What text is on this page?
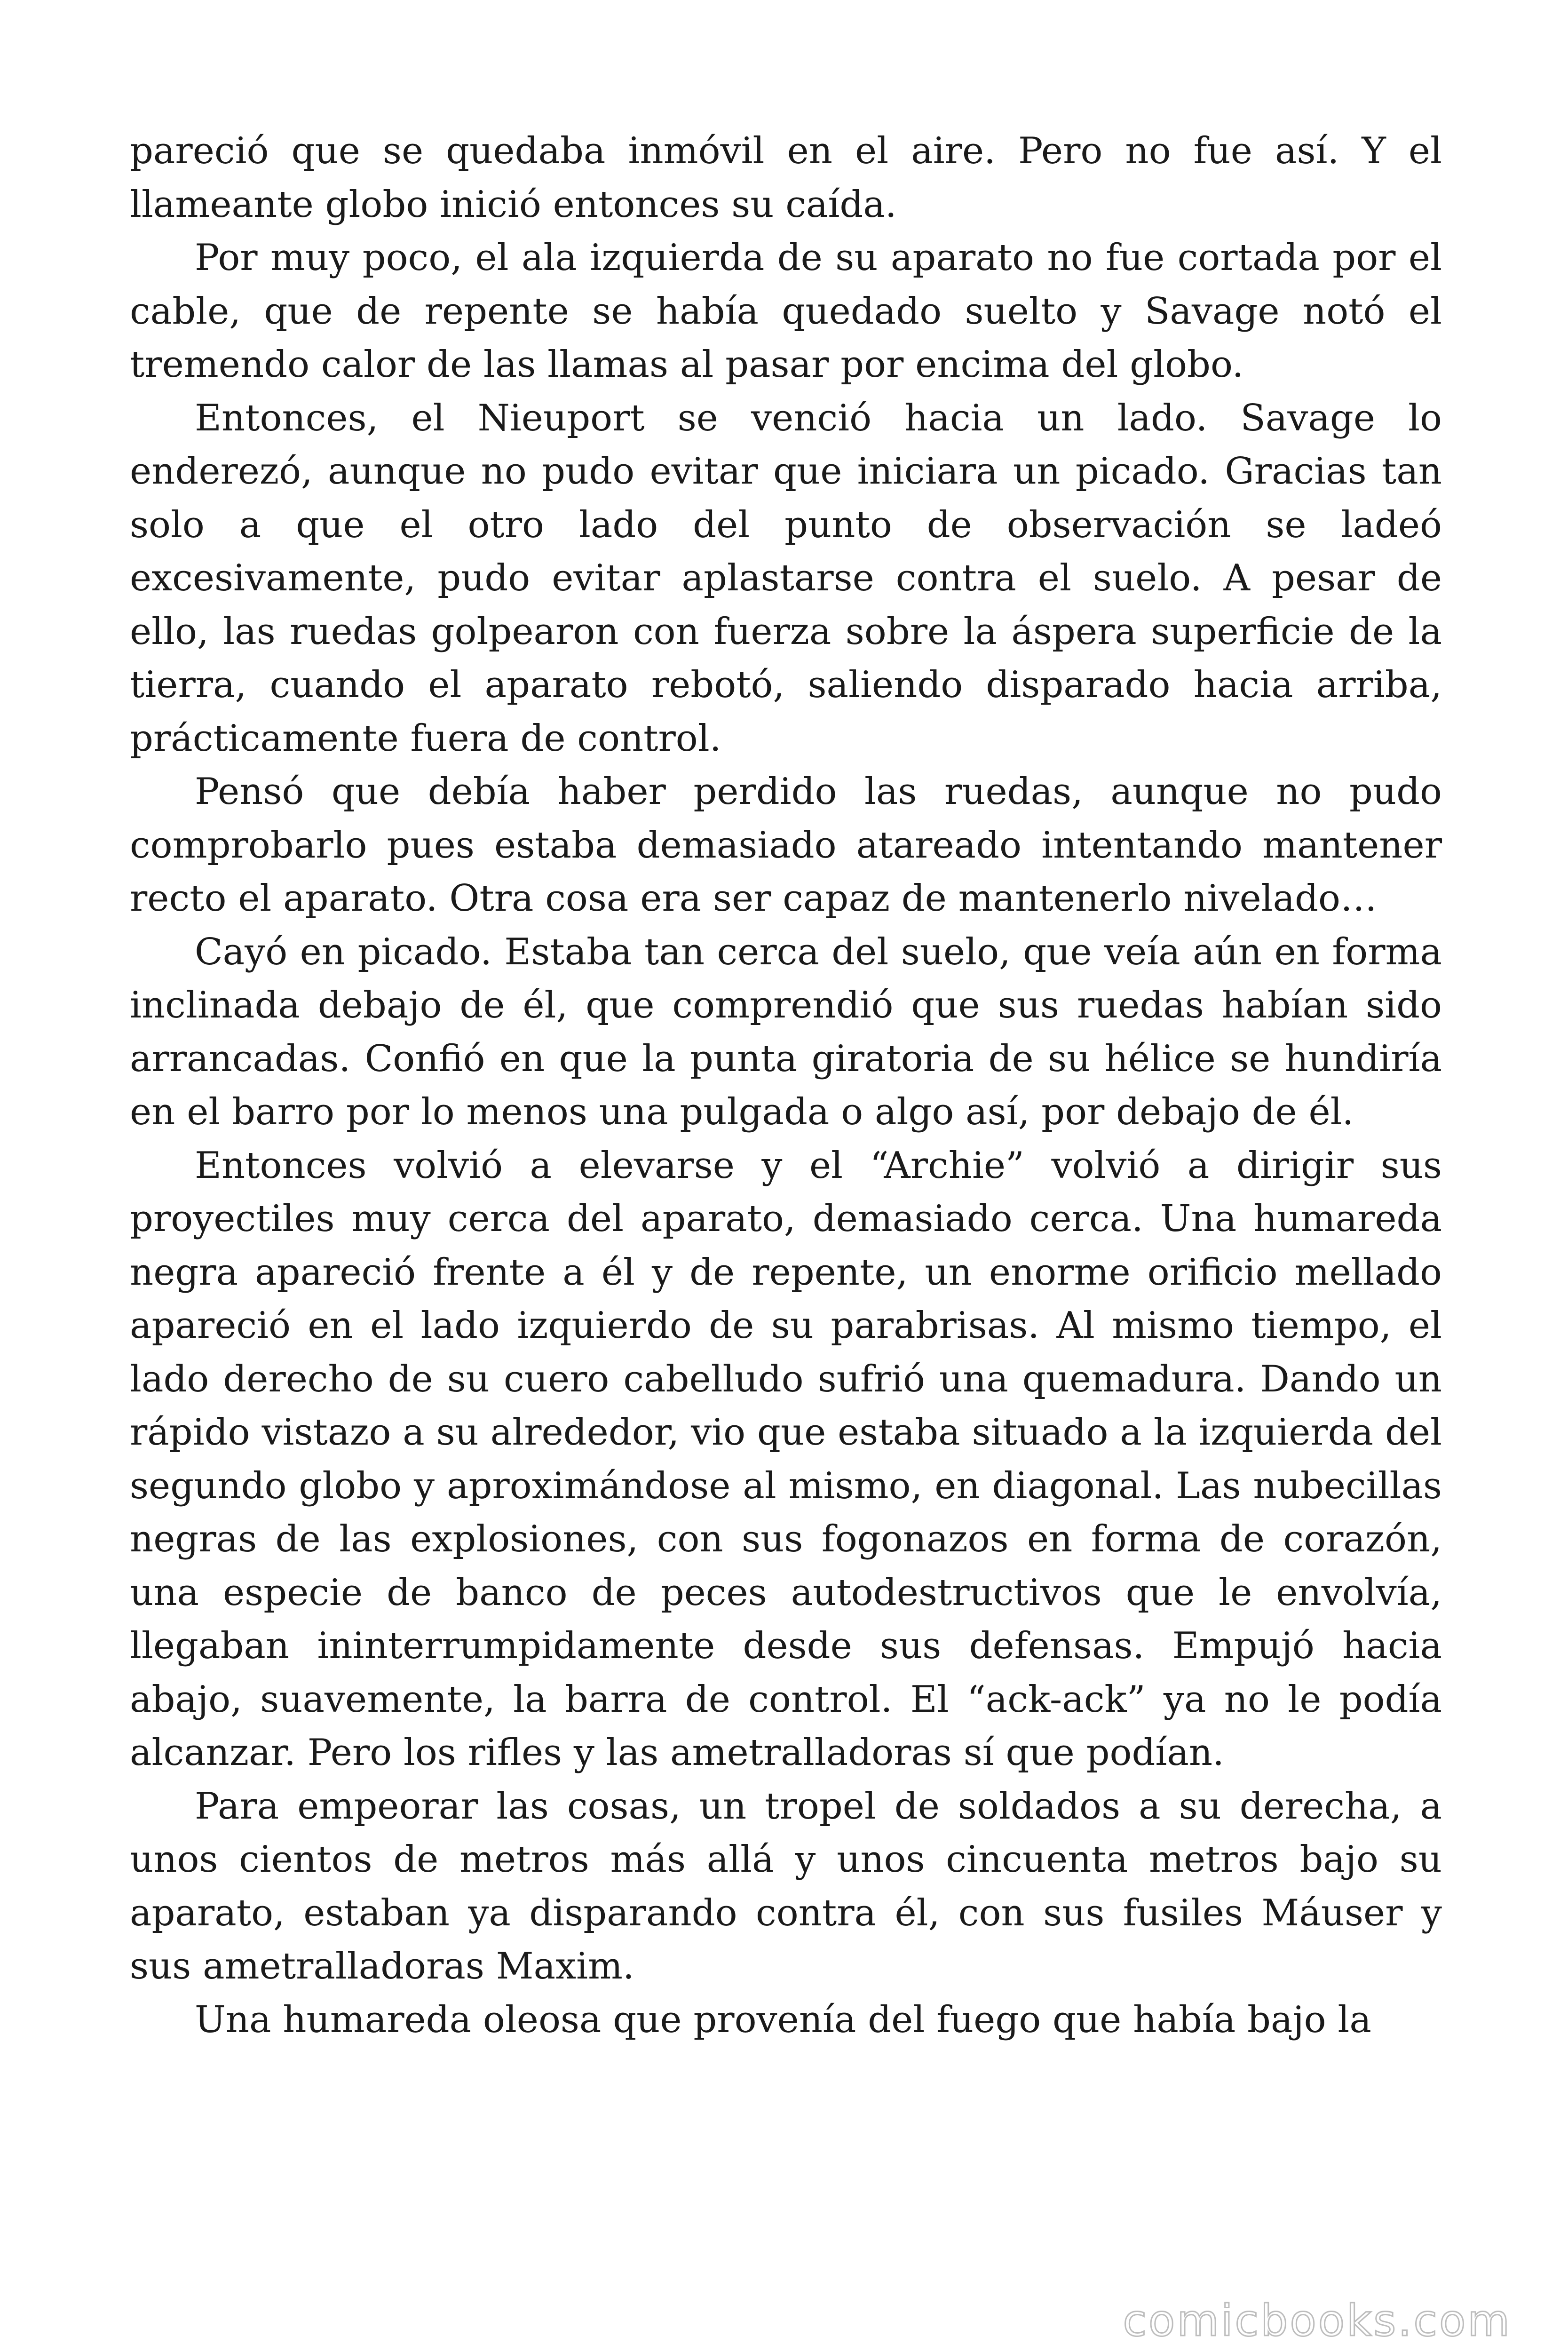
pareció que se quedaba inmóvil en el aire. Pero no fue así. Y el llameante globo inició entonces su caída.

Por muy poco, el ala izquierda de su aparato no fue cortada por el cable, que de repente se había quedado suelto y Savage notó el tremendo calor de las llamas al pasar por encima del globo.

Entonces, el Nieuport se venció hacia un lado. Savage lo enderezó, aunque no pudo evitar que iniciara un picado. Gracias tan solo a que el otro lado del punto de observación se ladeó excesivamente, pudo evitar aplastarse contra el suelo. A pesar de ello, las ruedas golpearon con fuerza sobre la áspera superficie de la tierra, cuando el aparato rebotó, saliendo disparado hacia arriba, prácticamente fuera de control.

Pensó que debía haber perdido las ruedas, aunque no pudo comprobarlo pues estaba demasiado atareado intentando mantener recto el aparato. Otra cosa era ser capaz de mantenerlo nivelado…

Cayó en picado. Estaba tan cerca del suelo, que veía aún en forma inclinada debajo de él, que comprendió que sus ruedas habían sido arrancadas. Confió en que la punta giratoria de su hélice se hundiría en el barro por lo menos una pulgada o algo así, por debajo de él.

Entonces volvió a elevarse y el “Archie” volvió a dirigir sus proyectiles muy cerca del aparato, demasiado cerca. Una humareda negra apareció frente a él y de repente, un enorme orificio mellado apareció en el lado izquierdo de su parabrisas. Al mismo tiempo, el lado derecho de su cuero cabelludo sufrió una quemadura. Dando un rápido vistazo a su alrededor, vio que estaba situado a la izquierda del segundo globo y aproximándose al mismo, en diagonal. Las nubecillas negras de las explosiones, con sus fogonazos en forma de corazón, una especie de banco de peces autodestructivos que le envolvía, llegaban ininterrumpidamente desde sus defensas. Empujó hacia abajo, suavemente, la barra de control. El “ack-ack” ya no le podía alcanzar. Pero los rifles y las ametralladoras sí que podían.

Para empeorar las cosas, un tropel de soldados a su derecha, a unos cientos de metros más allá y unos cincuenta metros bajo su aparato, estaban ya disparando contra él, con sus fusiles Máuser y sus ametralladoras Maxim.

Una humareda oleosa que provenía del fuego que había bajo la

comicbooks.com
